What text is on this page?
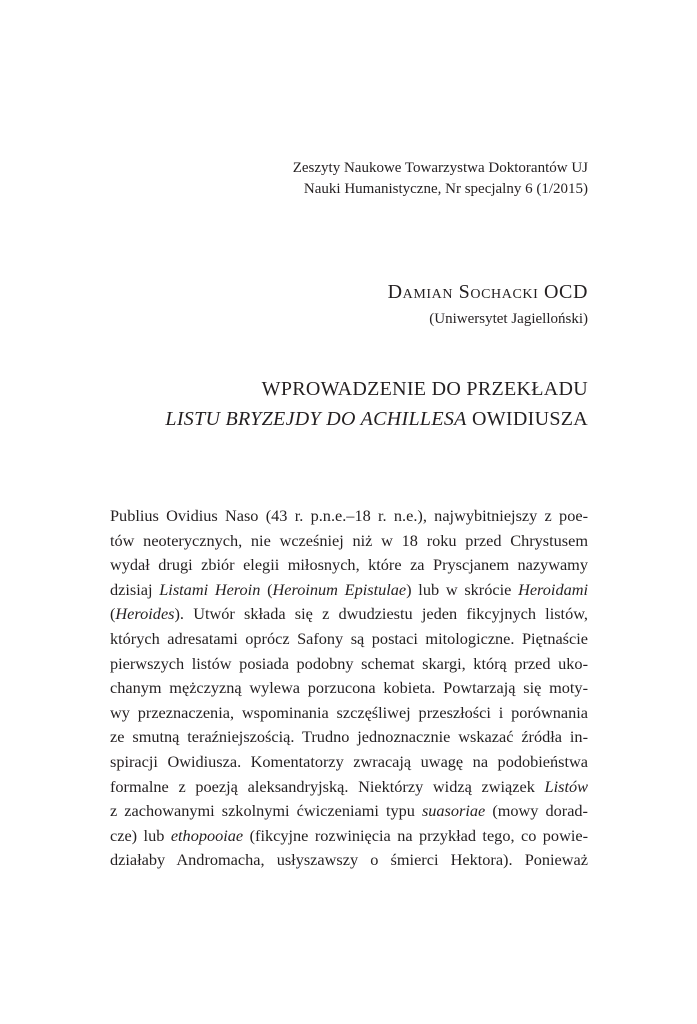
Zeszyty Naukowe Towarzystwa Doktorantów UJ
Nauki Humanistyczne, Nr specjalny 6 (1/2015)
Damian Sochacki OCD
(Uniwersytet Jagielloński)
WPROWADZENIE DO PRZEKŁADU
LISTU BRYZEJDY DO ACHILLESA OWIDIUSZA
Publius Ovidius Naso (43 r. p.n.e.–18 r. n.e.), najwybitniejszy z poe-
tów neoterycznych, nie wcześniej niż w 18 roku przed Chrystusem
wydał drugi zbiór elegii miłosnych, które za Pryscjanem nazywamy
dzisiaj Listami Heroin (Heroinum Epistulae) lub w skrócie Heroidami
(Heroides). Utwór składa się z dwudziestu jeden fikcyjnych listów,
których adresatami oprócz Safony są postaci mitologiczne. Piętnaście
pierwszych listów posiada podobny schemat skargi, którą przed uko-
chanym mężczyzną wylewa porzucona kobieta. Powtarzają się moty-
wy przeznaczenia, wspominania szczęśliwej przeszłości i porównania
ze smutną teraźniejszością. Trudno jednoznacznie wskazać źródła in-
spiracji Owidiusza. Komentatorzy zwracają uwagę na podobieństwa
formalne z poezją aleksandryjską. Niektórzy widzą związek Listów
z zachowanymi szkolnymi ćwiczeniami typu suasoriae (mowy dorad-
cze) lub ethopooiae (fikcyjne rozwinięcia na przykład tego, co powie-
działaby Andromacha, usłyszawszy o śmierci Hektora). Ponieważ
